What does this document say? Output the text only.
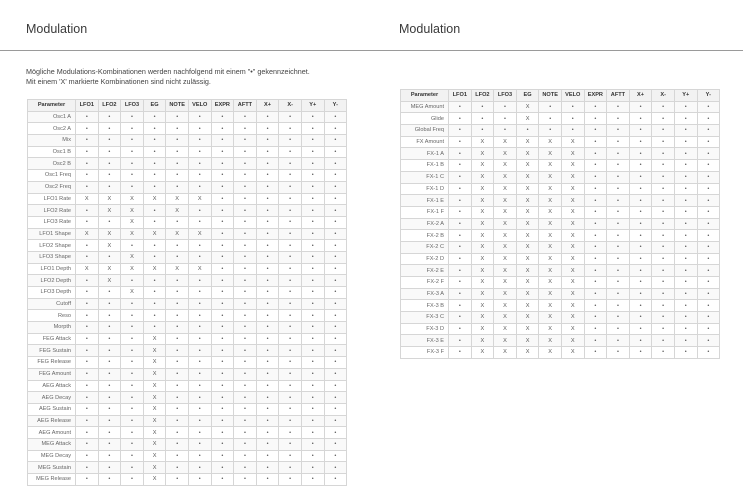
Modulation	Modulation
Mögliche Modulations-Kombinationen werden nachfolgend mit einem "•" gekennzeichnet.
Mit einem 'X' markierte Kombinationen sind nicht zulässig.
Parameter	LFO1	LFO2	LFO3	EG	NOTE	VELO	EXPR	AFTT	X+	X-	Y+	Y-
Osc1 A	•	•	•	•	•	•	•	•	•	•	•	•
Osc2 A	•	•	•	•	•	•	•	•	•	•	•	•
Mix	•	•	•	•	•	•	•	•	•	•	•	•
Osc1 B	•	•	•	•	•	•	•	•	•	•	•	•
Osc2 B	•	•	•	•	•	•	•	•	•	•	•	•
Osc1 Freq	•	•	•	•	•	•	•	•	•	•	•	•
Osc2 Freq	•	•	•	•	•	•	•	•	•	•	•	•
LFO1 Rate	X	X	X	X	X	X	•	•	•	•	•	•
LFO2 Rate	•	X	X	•	X	•	•	•	•	•	•	•
LFO3 Rate	•	•	X	•	•	•	•	•	•	•	•	•
LFO1 Shape	X	X	X	X	X	X	•	•	•	•	•	•
LFO2 Shape	•	X	•	•	•	•	•	•	•	•	•	•
LFO3 Shape	•	•	X	•	•	•	•	•	•	•	•	•
LFO1 Depth	X	X	X	X	X	X	•	•	•	•	•	•
LFO2 Depth	•	X	•	•	•	•	•	•	•	•	•	•
LFO3 Depth	•	•	X	•	•	•	•	•	•	•	•	•
Cutoff	•	•	•	•	•	•	•	•	•	•	•	•
Reso	•	•	•	•	•	•	•	•	•	•	•	•
Morpth	•	•	•	•	•	•	•	•	•	•	•	•
FEG Attack	•	•	•	X	•	•	•	•	•	•	•	•
FEG Sustain	•	•	•	X	•	•	•	•	•	•	•	•
FEG Release	•	•	•	X	•	•	•	•	•	•	•	•
FEG Amount	•	•	•	X	•	•	•	•	•	•	•	•
AEG Attack	•	•	•	X	•	•	•	•	•	•	•	•
AEG Decay	•	•	•	X	•	•	•	•	•	•	•	•
AEG Sustain	•	•	•	X	•	•	•	•	•	•	•	•
AEG Release	•	•	•	X	•	•	•	•	•	•	•	•
AEG Amount	•	•	•	X	•	•	•	•	•	•	•	•
MEG Attack	•	•	•	X	•	•	•	•	•	•	•	•
MEG Decay	•	•	•	X	•	•	•	•	•	•	•	•
MEG Sustain	•	•	•	X	•	•	•	•	•	•	•	•
MEG Release	•	•	•	X	•	•	•	•	•	•	•	•
Parameter	LFO1	LFO2	LFO3	EG	NOTE	VELO	EXPR	AFTT	X+	X-	Y+	Y-
MEG Amount	•	•	•	X	•	•	•	•	•	•	•	•
Glide	•	•	•	X	•	•	•	•	•	•	•	•
Global Freq	•	•	•	•	•	•	•	•	•	•	•	•
FX Amount	•	X	X	X	X	X	•	•	•	•	•	•
FX-1 A	•	X	X	X	X	X	•	•	•	•	•	•
FX-1 B	•	X	X	X	X	X	•	•	•	•	•	•
FX-1 C	•	X	X	X	X	X	•	•	•	•	•	•
FX-1 D	•	X	X	X	X	X	•	•	•	•	•	•
FX-1 E	•	X	X	X	X	X	•	•	•	•	•	•
FX-1 F	•	X	X	X	X	X	•	•	•	•	•	•
FX-2 A	•	X	X	X	X	X	•	•	•	•	•	•
FX-2 B	•	X	X	X	X	X	•	•	•	•	•	•
FX-2 C	•	X	X	X	X	X	•	•	•	•	•	•
FX-2 D	•	X	X	X	X	X	•	•	•	•	•	•
FX-2 E	•	X	X	X	X	X	•	•	•	•	•	•
FX-2 F	•	X	X	X	X	X	•	•	•	•	•	•
FX-3 A	•	X	X	X	X	X	•	•	•	•	•	•
FX-3 B	•	X	X	X	X	X	•	•	•	•	•	•
FX-3 C	•	X	X	X	X	X	•	•	•	•	•	•
FX-3 D	•	X	X	X	X	X	•	•	•	•	•	•
FX-3 E	•	X	X	X	X	X	•	•	•	•	•	•
FX-3 F	•	X	X	X	X	X	•	•	•	•	•	•
